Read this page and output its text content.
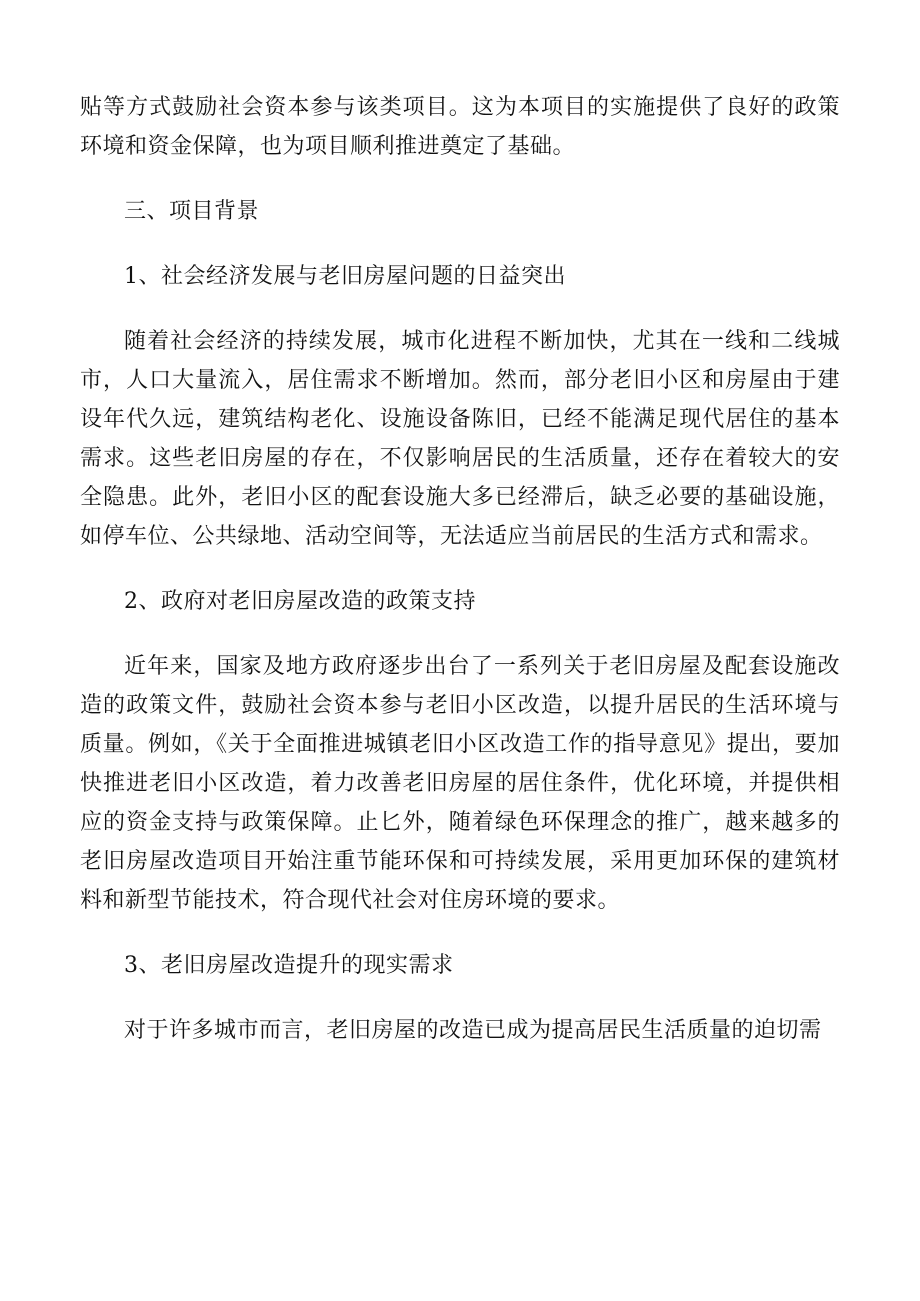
贴等方式鼓励社会资本参与该类项目。这为本项目的实施提供了良好的政策环境和资金保障，也为项目顺利推进奠定了基础。

三、项目背景

1、社会经济发展与老旧房屋问题的日益突出

随着社会经济的持续发展，城市化进程不断加快，尤其在一线和二线城市，人口大量流入，居住需求不断增加。然而，部分老旧小区和房屋由于建设年代久远，建筑结构老化、设施设备陈旧，已经不能满足现代居住的基本需求。这些老旧房屋的存在，不仅影响居民的生活质量，还存在着较大的安全隐患。此外，老旧小区的配套设施大多已经滞后，缺乏必要的基础设施，如停车位、公共绿地、活动空间等，无法适应当前居民的生活方式和需求。

2、政府对老旧房屋改造的政策支持

近年来，国家及地方政府逐步出台了一系列关于老旧房屋及配套设施改造的政策文件，鼓励社会资本参与老旧小区改造，以提升居民的生活环境与质量。例如，《关于全面推进城镇老旧小区改造工作的指导意见》提出，要加快推进老旧小区改造，着力改善老旧房屋的居住条件，优化环境，并提供相应的资金支持与政策保障。止匕外，随着绿色环保理念的推广，越来越多的老旧房屋改造项目开始注重节能环保和可持续发展，采用更加环保的建筑材料和新型节能技术，符合现代社会对住房环境的要求。

3、老旧房屋改造提升的现实需求

对于许多城市而言，老旧房屋的改造已成为提高居民生活质量的迫切需
